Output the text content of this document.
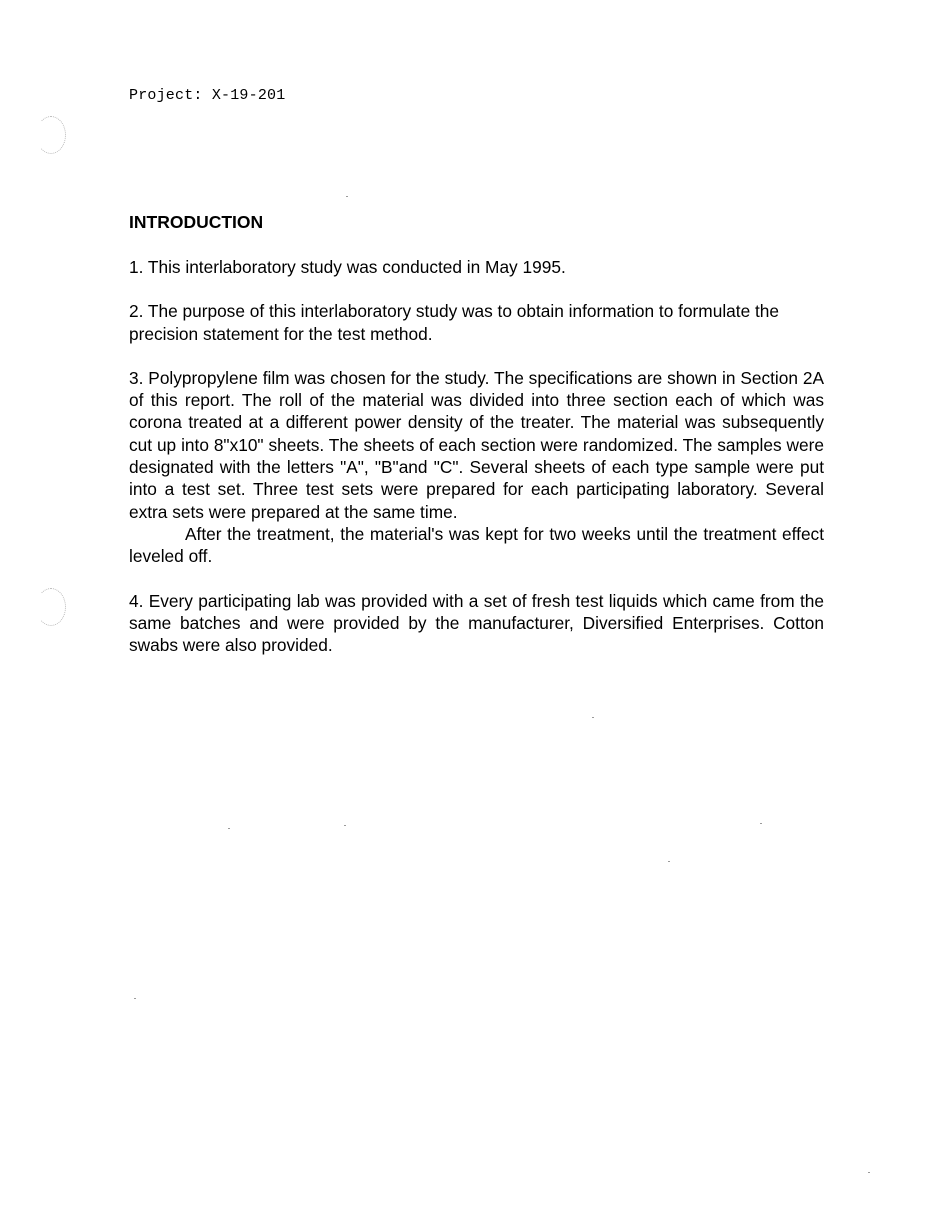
Project: X-19-201
INTRODUCTION

1. This interlaboratory study was conducted in May 1995.

2. The purpose of this interlaboratory study was to obtain information to formulate the precision statement for the test method.

3. Polypropylene film was chosen for the study. The specifications are shown in Section 2A of this report. The roll of the material was divided into three section each of which was corona treated at a different power density of the treater. The material was subsequently cut up into 8"x10" sheets. The sheets of each section were randomized. The samples were designated with the letters "A", "B"and "C". Several sheets of each type sample were put into a test set. Three test sets were prepared for each participating laboratory. Several extra sets were prepared at the same time.

After the treatment, the material's was kept for two weeks until the treatment effect leveled off.

4. Every participating lab was provided with a set of fresh test liquids which came from the same batches and were provided by the manufacturer, Diversified Enterprises. Cotton swabs were also provided.
